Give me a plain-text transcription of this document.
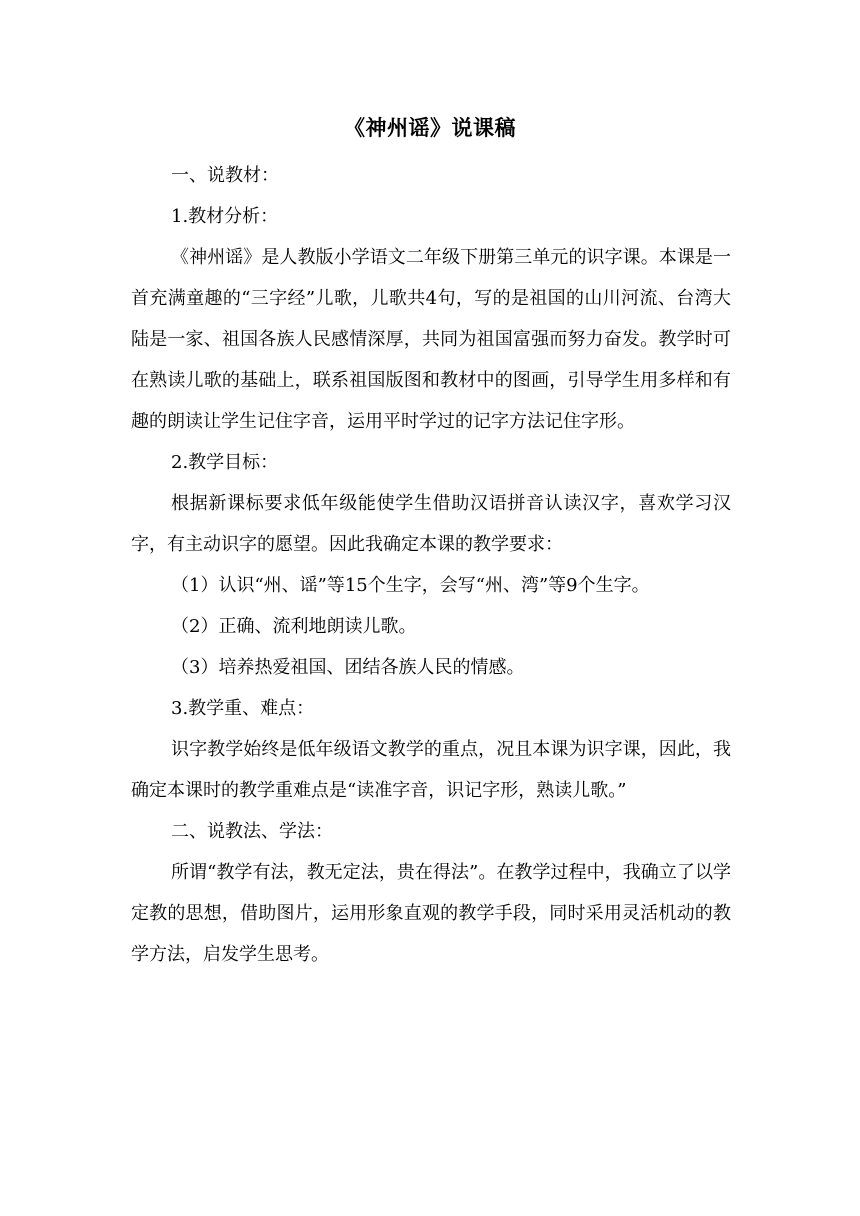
《神州谣》说课稿

一、说教材：

1.教材分析：

《神州谣》是人教版小学语文二年级下册第三单元的识字课。本课是一首充满童趣的“三字经”儿歌，儿歌共4句，写的是祖国的山川河流、台湾大陆是一家、祖国各族人民感情深厚，共同为祖国富强而努力奋发。教学时可在熟读儿歌的基础上，联系祖国版图和教材中的图画，引导学生用多样和有趣的朗读让学生记住字音，运用平时学过的记字方法记住字形。

2.教学目标：

根据新课标要求低年级能使学生借助汉语拼音认读汉字，喜欢学习汉字，有主动识字的愿望。因此我确定本课的教学要求：

（1）认识“州、谣”等15个生字，会写“州、湾”等9个生字。

（2）正确、流利地朗读儿歌。

（3）培养热爱祖国、团结各族人民的情感。

3.教学重、难点：

识字教学始终是低年级语文教学的重点，况且本课为识字课，因此，我确定本课时的教学重难点是“读准字音，识记字形，熟读儿歌。”

二、说教法、学法：

所谓“教学有法，教无定法，贵在得法”。在教学过程中，我确立了以学定教的思想，借助图片，运用形象直观的教学手段，同时采用灵活机动的教学方法，启发学生思考。
